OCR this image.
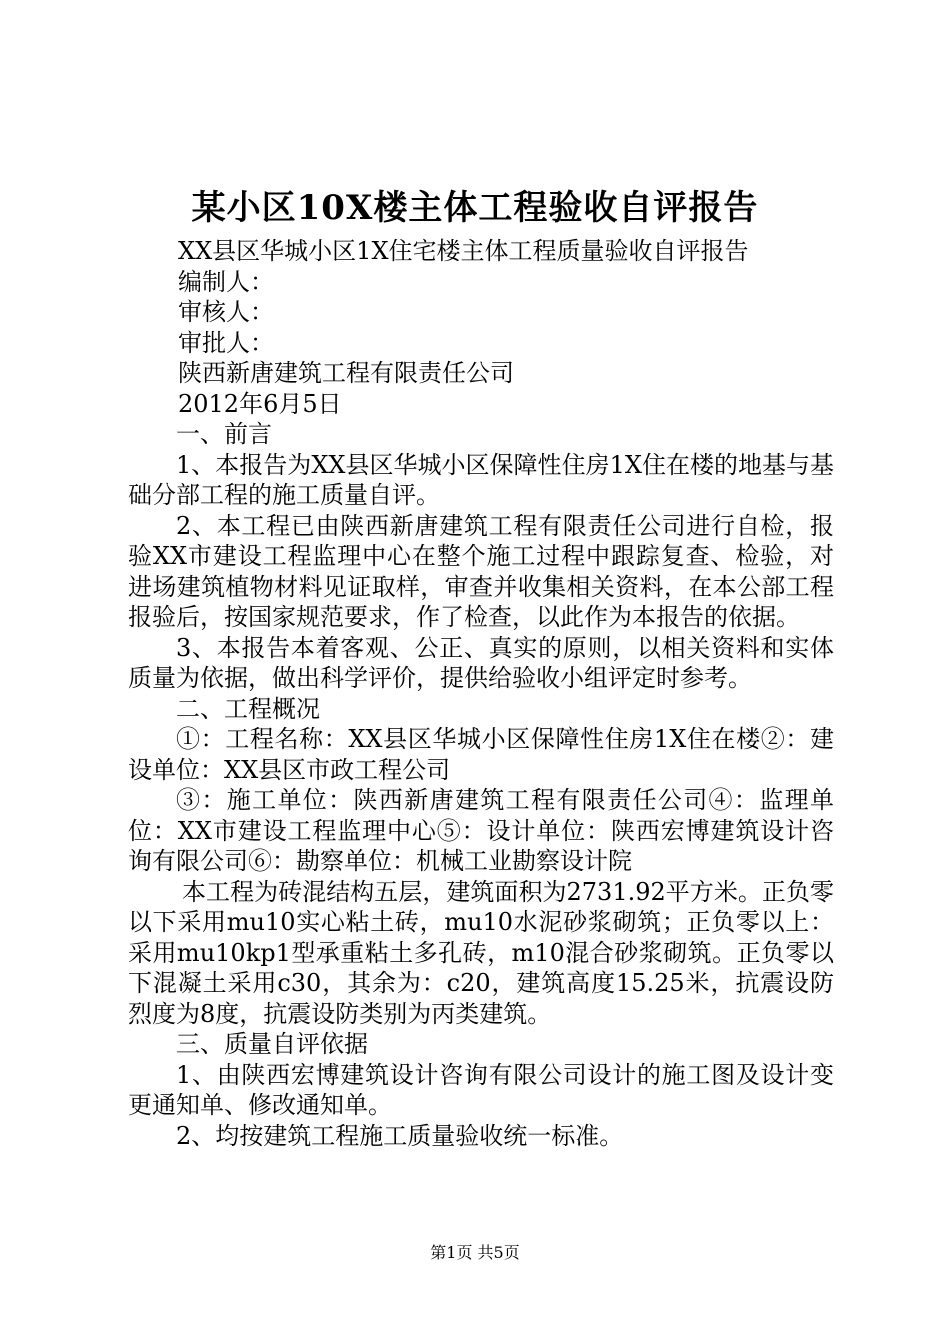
某小区10X楼主体工程验收自评报告

XX县区华城小区1X住宅楼主体工程质量验收自评报告

编制人：

审核人：

审批人：

陕西新唐建筑工程有限责任公司

2012年6月5日

一、前言

1、本报告为XX县区华城小区保障性住房1X住在楼的地基与基础分部工程的施工质量自评。

2、本工程已由陕西新唐建筑工程有限责任公司进行自检，报验XX市建设工程监理中心在整个施工过程中跟踪复查、检验，对进场建筑植物材料见证取样，审查并收集相关资料，在本公部工程报验后，按国家规范要求，作了检查，以此作为本报告的依据。

3、本报告本着客观、公正、真实的原则，以相关资料和实体质量为依据，做出科学评价，提供给验收小组评定时参考。

二、工程概况

①：工程名称：XX县区华城小区保障性住房1X住在楼②：建设单位：XX县区市政工程公司

③：施工单位：陕西新唐建筑工程有限责任公司④：监理单位：XX市建设工程监理中心⑤：设计单位：陕西宏博建筑设计咨询有限公司⑥：勘察单位：机械工业勘察设计院

本工程为砖混结构五层，建筑面积为2731.92平方米。正负零以下采用mu10实心粘土砖，mu10水泥砂浆砌筑；正负零以上：采用mu10kp1型承重粘土多孔砖，m10混合砂浆砌筑。正负零以下混凝土采用c30，其余为：c20，建筑高度15.25米，抗震设防烈度为8度，抗震设防类别为丙类建筑。

三、质量自评依据

1、由陕西宏博建筑设计咨询有限公司设计的施工图及设计变更通知单、修改通知单。

2、均按建筑工程施工质量验收统一标准。

第1页 共5页
